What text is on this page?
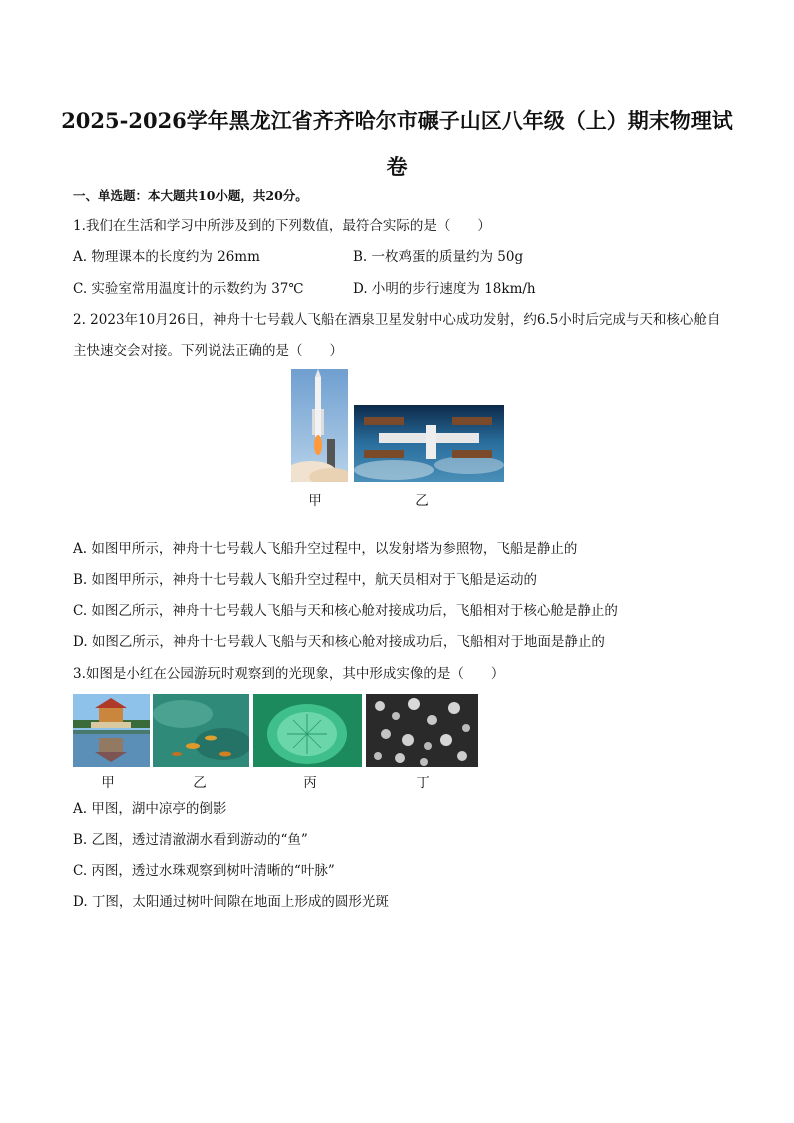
2025-2026学年黑龙江省齐齐哈尔市碾子山区八年级（上）期末物理试卷
一、单选题：本大题共10小题，共20分。
1.我们在生活和学习中所涉及到的下列数值，最符合实际的是（　　）
A. 物理课本的长度约为 26mm	B. 一枚鸡蛋的质量约为 50g
C. 实验室常用温度计的示数约为 37℃	D. 小明的步行速度为 18km/h
2. 2023年10月26日，神舟十七号载人飞船在酒泉卫星发射中心成功发射，约6.5小时后完成与天和核心舱自主快速交会对接。下列说法正确的是（　　）
甲	乙
A. 如图甲所示，神舟十七号载人飞船升空过程中，以发射塔为参照物，飞船是静止的
B. 如图甲所示，神舟十七号载人飞船升空过程中，航天员相对于飞船是运动的
C. 如图乙所示，神舟十七号载人飞船与天和核心舱对接成功后，飞船相对于核心舱是静止的
D. 如图乙所示，神舟十七号载人飞船与天和核心舱对接成功后，飞船相对于地面是静止的
3.如图是小红在公园游玩时观察到的光现象，其中形成实像的是（　　）
甲	乙	丙	丁
A. 甲图，湖中凉亭的倒影
B. 乙图，透过清澈湖水看到游动的“鱼”
C. 丙图，透过水珠观察到树叶清晰的“叶脉”
D. 丁图，太阳通过树叶间隙在地面上形成的圆形光斑
